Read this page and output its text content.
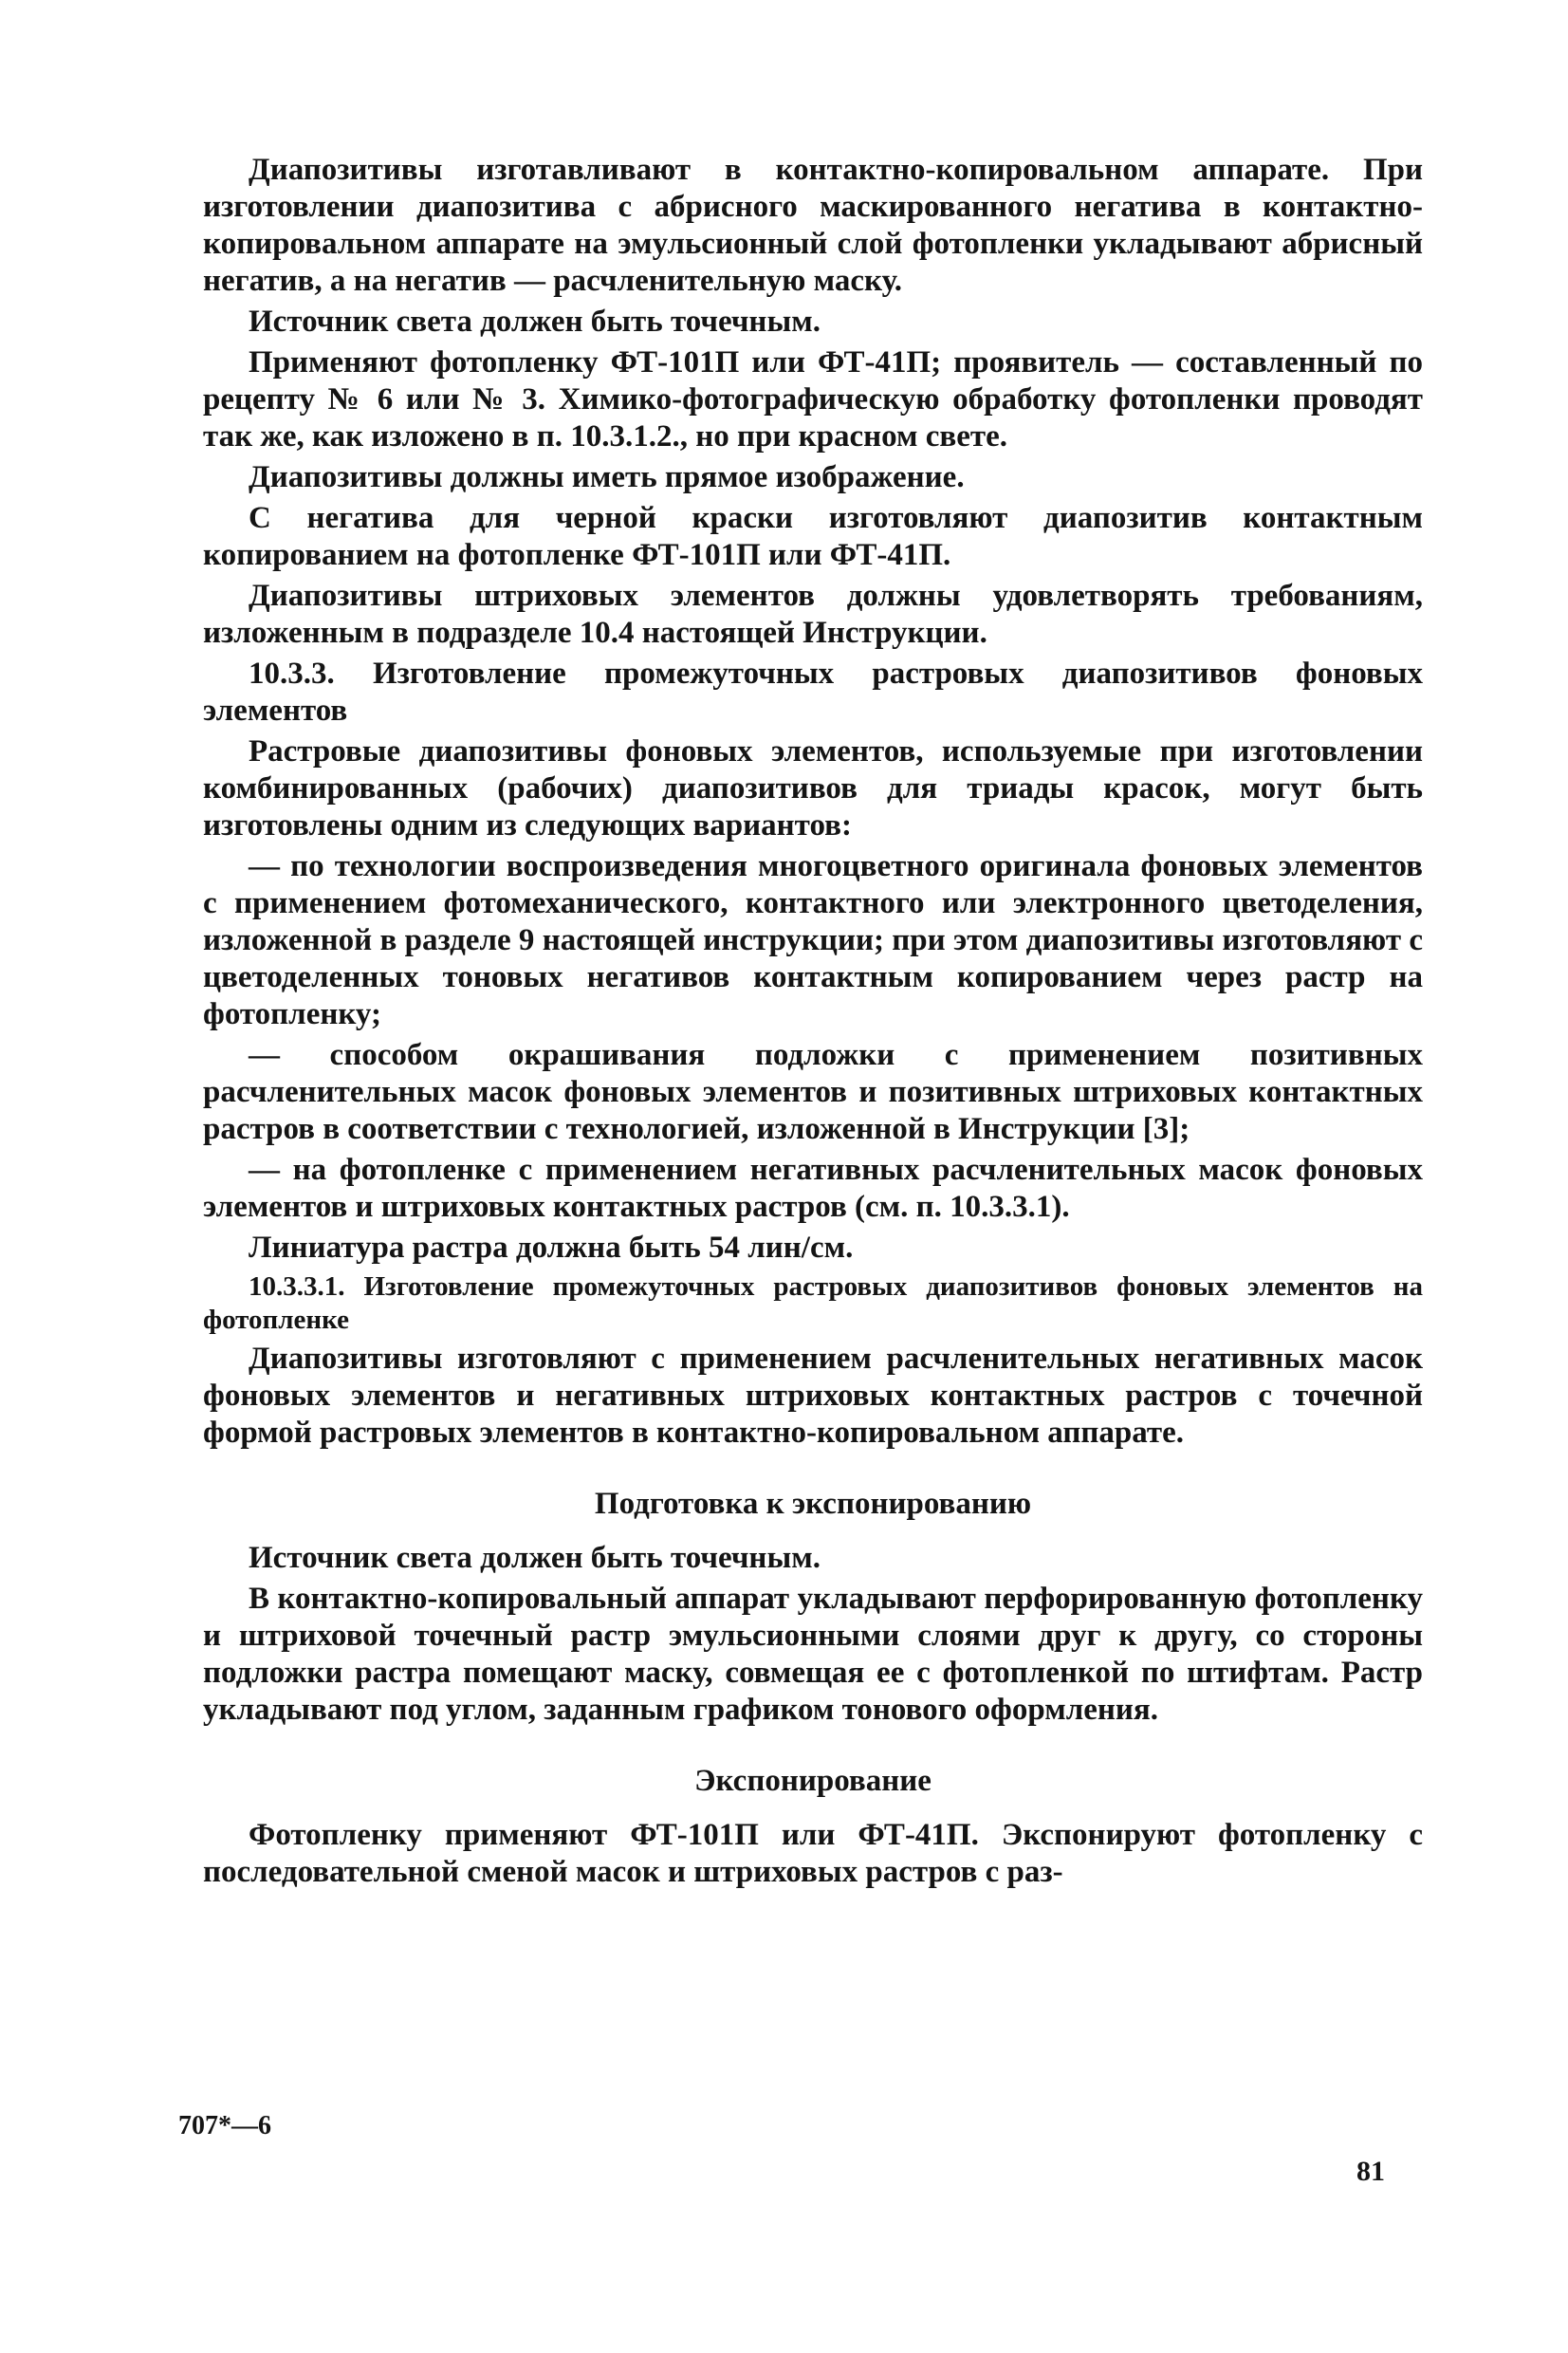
Диапозитивы изготавливают в контактно-копировальном аппарате. При изготовлении диапозитива с абрисного маскированного негатива в контактно-копировальном аппарате на эмульсионный слой фотопленки укладывают абрисный негатив, а на негатив — расчленительную маску.

Источник света должен быть точечным.

Применяют фотопленку ФТ-101П или ФТ-41П; проявитель — составленный по рецепту № 6 или № 3. Химико-фотографическую обработку фотопленки проводят так же, как изложено в п. 10.3.1.2., но при красном свете.

Диапозитивы должны иметь прямое изображение.

С негатива для черной краски изготовляют диапозитив контактным копированием на фотопленке ФТ-101П или ФТ-41П.

Диапозитивы штриховых элементов должны удовлетворять требованиям, изложенным в подразделе 10.4 настоящей Инструкции.

10.3.3. Изготовление промежуточных растровых диапозитивов фоновых элементов

Растровые диапозитивы фоновых элементов, используемые при изготовлении комбинированных (рабочих) диапозитивов для триады красок, могут быть изготовлены одним из следующих вариантов:

— по технологии воспроизведения многоцветного оригинала фоновых элементов с применением фотомеханического, контактного или электронного цветоделения, изложенной в разделе 9 настоящей инструкции; при этом диапозитивы изготовляют с цветоделенных тоновых негативов контактным копированием через растр на фотопленку;

— способом окрашивания подложки с применением позитивных расчленительных масок фоновых элементов и позитивных штриховых контактных растров в соответствии с технологией, изложенной в Инструкции [3];

— на фотопленке с применением негативных расчленительных масок фоновых элементов и штриховых контактных растров (см. п. 10.3.3.1).

Линиатура растра должна быть 54 лин/см.

10.3.3.1. Изготовление промежуточных растровых диапозитивов фоновых элементов на фотопленке

Диапозитивы изготовляют с применением расчленительных негативных масок фоновых элементов и негативных штриховых контактных растров с точечной формой растровых элементов в контактно-копировальном аппарате.

Подготовка к экспонированию

Источник света должен быть точечным.

В контактно-копировальный аппарат укладывают перфорированную фотопленку и штриховой точечный растр эмульсионными слоями друг к другу, со стороны подложки растра помещают маску, совмещая ее с фотопленкой по штифтам. Растр укладывают под углом, заданным графиком тонового оформления.

Экспонирование

Фотопленку применяют ФТ-101П или ФТ-41П. Экспонируют фотопленку с последовательной сменой масок и штриховых растров с раз-

707*—6
81
